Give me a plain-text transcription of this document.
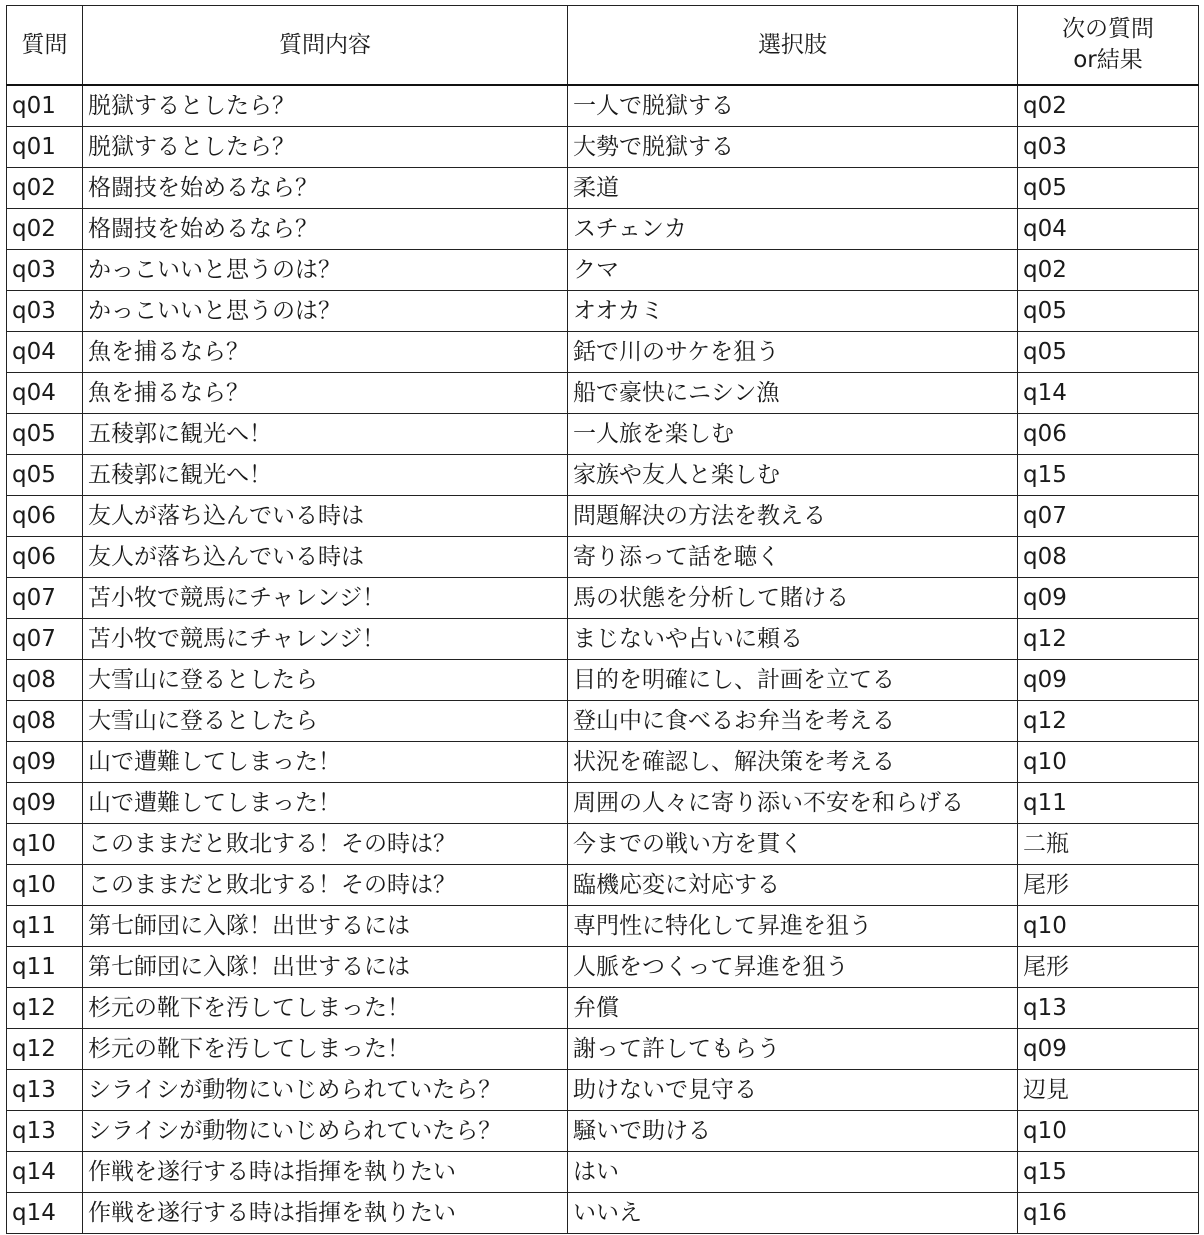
質問	質問内容	選択肢	次の質問
or結果

q01	脱獄するとしたら？	一人で脱獄する	q02
q01	脱獄するとしたら？	大勢で脱獄する	q03
q02	格闘技を始めるなら？	柔道	q05
q02	格闘技を始めるなら？	スチェンカ	q04
q03	かっこいいと思うのは？	クマ	q02
q03	かっこいいと思うのは？	オオカミ	q05
q04	魚を捕るなら？	銛で川のサケを狙う	q05
q04	魚を捕るなら？	船で豪快にニシン漁	q14
q05	五稜郭に観光へ！	一人旅を楽しむ	q06
q05	五稜郭に観光へ！	家族や友人と楽しむ	q15
q06	友人が落ち込んでいる時は	問題解決の方法を教える	q07
q06	友人が落ち込んでいる時は	寄り添って話を聴く	q08
q07	苫小牧で競馬にチャレンジ！	馬の状態を分析して賭ける	q09
q07	苫小牧で競馬にチャレンジ！	まじないや占いに頼る	q12
q08	大雪山に登るとしたら	目的を明確にし、計画を立てる	q09
q08	大雪山に登るとしたら	登山中に食べるお弁当を考える	q12
q09	山で遭難してしまった！	状況を確認し、解決策を考える	q10
q09	山で遭難してしまった！	周囲の人々に寄り添い不安を和らげる	q11
q10	このままだと敗北する！その時は？	今までの戦い方を貫く	二瓶
q10	このままだと敗北する！その時は？	臨機応変に対応する	尾形
q11	第七師団に入隊！出世するには	専門性に特化して昇進を狙う	q10
q11	第七師団に入隊！出世するには	人脈をつくって昇進を狙う	尾形
q12	杉元の靴下を汚してしまった！	弁償	q13
q12	杉元の靴下を汚してしまった！	謝って許してもらう	q09
q13	シライシが動物にいじめられていたら？	助けないで見守る	辺見
q13	シライシが動物にいじめられていたら？	騒いで助ける	q10
q14	作戦を遂行する時は指揮を執りたい	はい	q15
q14	作戦を遂行する時は指揮を執りたい	いいえ	q16
